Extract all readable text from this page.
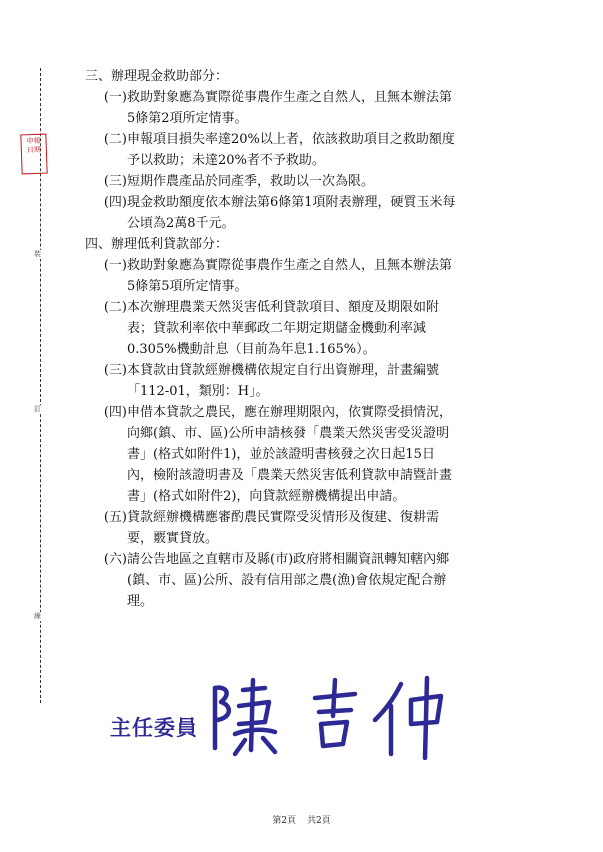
申報
日期
裝
訂
線

三、辦理現金救助部分：

(一) 救助對象應為實際從事農作生產之自然人，且無本辦法第
5條第2項所定情事。
(二) 申報項目損失率達20%以上者，依該救助項目之救助額度
予以救助；未達20%者不予救助。
(三) 短期作農產品於同產季，救助以一次為限。
(四) 現金救助額度依本辦法第6條第1項附表辦理，硬質玉米每
公頃為2萬8千元。

四、辦理低利貸款部分：

(一) 救助對象應為實際從事農作生產之自然人，且無本辦法第
5條第5項所定情事。
(二) 本次辦理農業天然災害低利貸款項目、額度及期限如附
表；貸款利率依中華郵政二年期定期儲金機動利率減
0.305%機動計息（目前為年息1.165%）。
(三) 本貸款由貸款經辦機構依規定自行出資辦理，計畫編號
「112-01，類別：H」。
(四) 申借本貸款之農民，應在辦理期限內，依實際受損情況，
向鄉(鎮、市、區)公所申請核發「農業天然災害受災證明
書」(格式如附件1)，並於該證明書核發之次日起15日
內，檢附該證明書及「農業天然災害低利貸款申請暨計畫
書」(格式如附件2)，向貸款經辦機構提出申請。
(五) 貸款經辦機構應審酌農民實際受災情形及復建、復耕需
要，覈實貸放。
(六) 請公告地區之直轄市及縣(市)政府將相關資訊轉知轄內鄉
(鎮、市、區)公所、設有信用部之農(漁)會依規定配合辦
理。
主任委員
第2頁 共2頁
